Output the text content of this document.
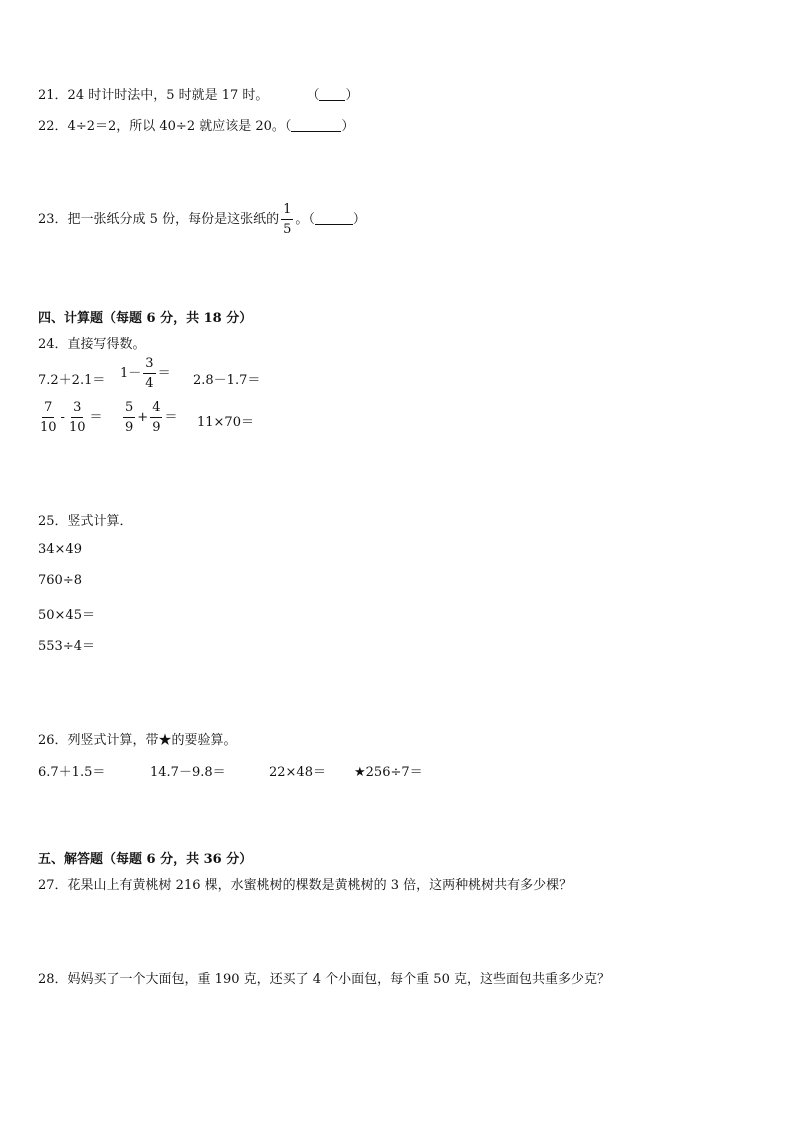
21．24 时计时法中，5 时就是 17 时。	（ ）
22．4÷2＝2，所以 40÷2 就应该是 20。（	）
23．把一张纸分成 5 份，每份是这张纸的 $\frac{1}{5}$ 。（	）
四、计算题（每题 6 分，共 18 分）
24．直接写得数。
$7.2+2.1= 1- \frac{3}{4} = 2.8-1.7=$
$\frac{7}{10} - \frac{3}{10} = \frac{5}{9} + \frac{4}{9} = 11\times 70=$
25．竖式计算．
34×49
760÷8
50×45＝
553÷4＝
26．列竖式计算，带★的要验算。
6.7＋1.5＝	14.7－9.8＝	22×48＝ ★256÷7＝
五、解答题（每题 6 分，共 36 分）
27．花果山上有黄桃树 216 棵，水蜜桃树的棵数是黄桃树的 3 倍，这两种桃树共有多少棵？
28．妈妈买了一个大面包，重 190 克，还买了 4 个小面包，每个重 50 克，这些面包共重多少克？
